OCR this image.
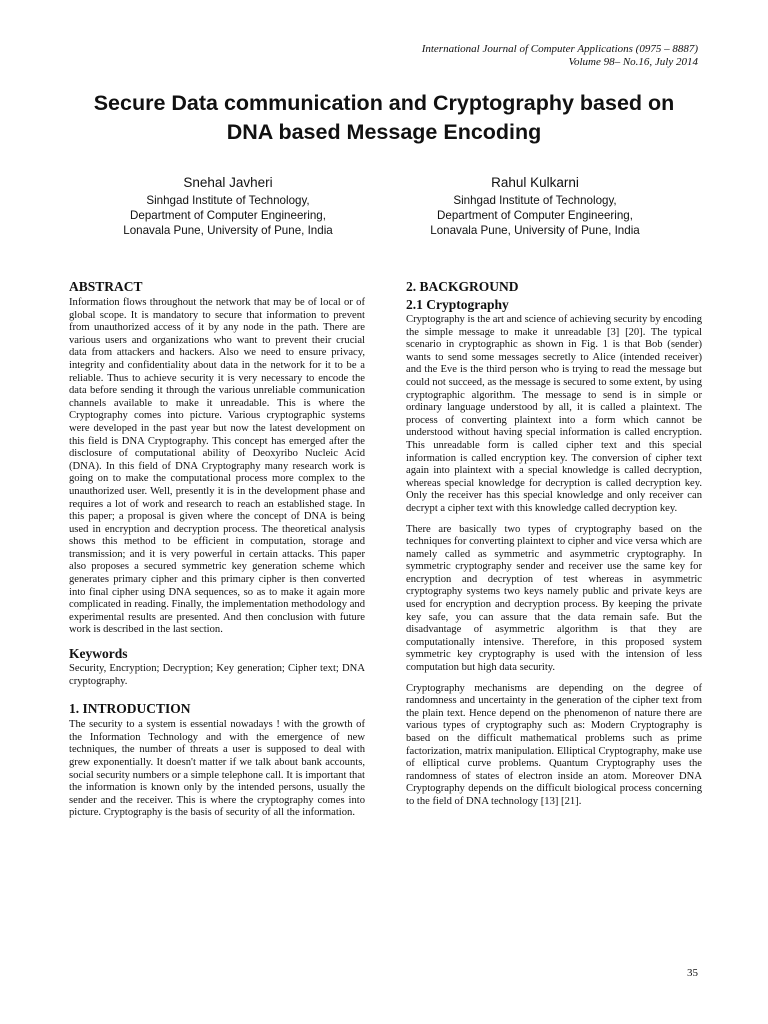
International Journal of Computer Applications (0975 – 8887)
Volume 98– No.16, July 2014
Secure Data communication and Cryptography based on
DNA based Message Encoding
Snehal Javheri
Sinhgad Institute of Technology,
Department of Computer Engineering,
Lonavala Pune, University of Pune, India
Rahul Kulkarni
Sinhgad Institute of Technology,
Department of Computer Engineering,
Lonavala Pune, University of Pune, India
ABSTRACT

Information flows throughout the network that may be of local or of global scope. It is mandatory to secure that information to prevent from unauthorized access of it by any node in the path. There are various users and organizations who want to prevent their crucial data from attackers and hackers. Also we need to ensure privacy, integrity and confidentiality about data in the network for it to be a reliable. Thus to achieve security it is very necessary to encode the data before sending it through the various unreliable communication channels available to make it unreadable. This is where the Cryptography comes into picture. Various cryptographic systems were developed in the past year but now the latest development on this field is DNA Cryptography. This concept has emerged after the disclosure of computational ability of Deoxyribo Nucleic Acid (DNA). In this field of DNA Cryptography many research work is going on to make the computational process more complex to the unauthorized user. Well, presently it is in the development phase and requires a lot of work and research to reach an established stage. In this paper; a proposal is given where the concept of DNA is being used in encryption and decryption process. The theoretical analysis shows this method to be efficient in computation, storage and transmission; and it is very powerful in certain attacks. This paper also proposes a secured symmetric key generation scheme which generates primary cipher and this primary cipher is then converted into final cipher using DNA sequences, so as to make it again more complicated in reading. Finally, the implementation methodology and experimental results are presented. And then conclusion with future work is described in the last section.

Keywords

Security, Encryption; Decryption; Key generation; Cipher text; DNA cryptography.

1. INTRODUCTION

The security to a system is essential nowadays ! with the growth of the Information Technology and with the emergence of new techniques, the number of threats a user is supposed to deal with grew exponentially. It doesn't matter if we talk about bank accounts, social security numbers or a simple telephone call. It is important that the information is known only by the intended persons, usually the sender and the receiver. This is where the cryptography comes into picture. Cryptography is the basis of security of all the information.

2. BACKGROUND
2.1 Cryptography

Cryptography is the art and science of achieving security by encoding the simple message to make it unreadable [3] [20]. The typical scenario in cryptographic as shown in Fig. 1 is that Bob (sender) wants to send some messages secretly to Alice (intended receiver) and the Eve is the third person who is trying to read the message but could not succeed, as the message is secured to some extent, by using cryptographic algorithm. The message to send is in simple or ordinary language understood by all, it is called a plaintext. The process of converting plaintext into a form which cannot be understood without having special information is called encryption. This unreadable form is called cipher text and this special information is called encryption key. The conversion of cipher text again into plaintext with a special knowledge is called decryption, whereas special knowledge for decryption is called decryption key. Only the receiver has this special knowledge and only receiver can decrypt a cipher text with this knowledge called decryption key.

There are basically two types of cryptography based on the techniques for converting plaintext to cipher and vice versa which are namely called as symmetric and asymmetric cryptography. In symmetric cryptography sender and receiver use the same key for encryption and decryption of test whereas in asymmetric cryptography systems two keys namely public and private keys are used for encryption and decryption process. By keeping the private key safe, you can assure that the data remain safe. But the disadvantage of asymmetric algorithm is that they are computationally intensive. Therefore, in this proposed system symmetric key cryptography is used with the intension of less computation but high data security.

Cryptography mechanisms are depending on the degree of randomness and uncertainty in the generation of the cipher text from the plain text. Hence depend on the phenomenon of nature there are various types of cryptography such as: Modern Cryptography is based on the difficult mathematical problems such as prime factorization, matrix manipulation. Elliptical Cryptography, make use of elliptical curve problems. Quantum Cryptography uses the randomness of states of electron inside an atom. Moreover DNA Cryptography depends on the difficult biological process concerning to the field of DNA technology [13] [21].

35
